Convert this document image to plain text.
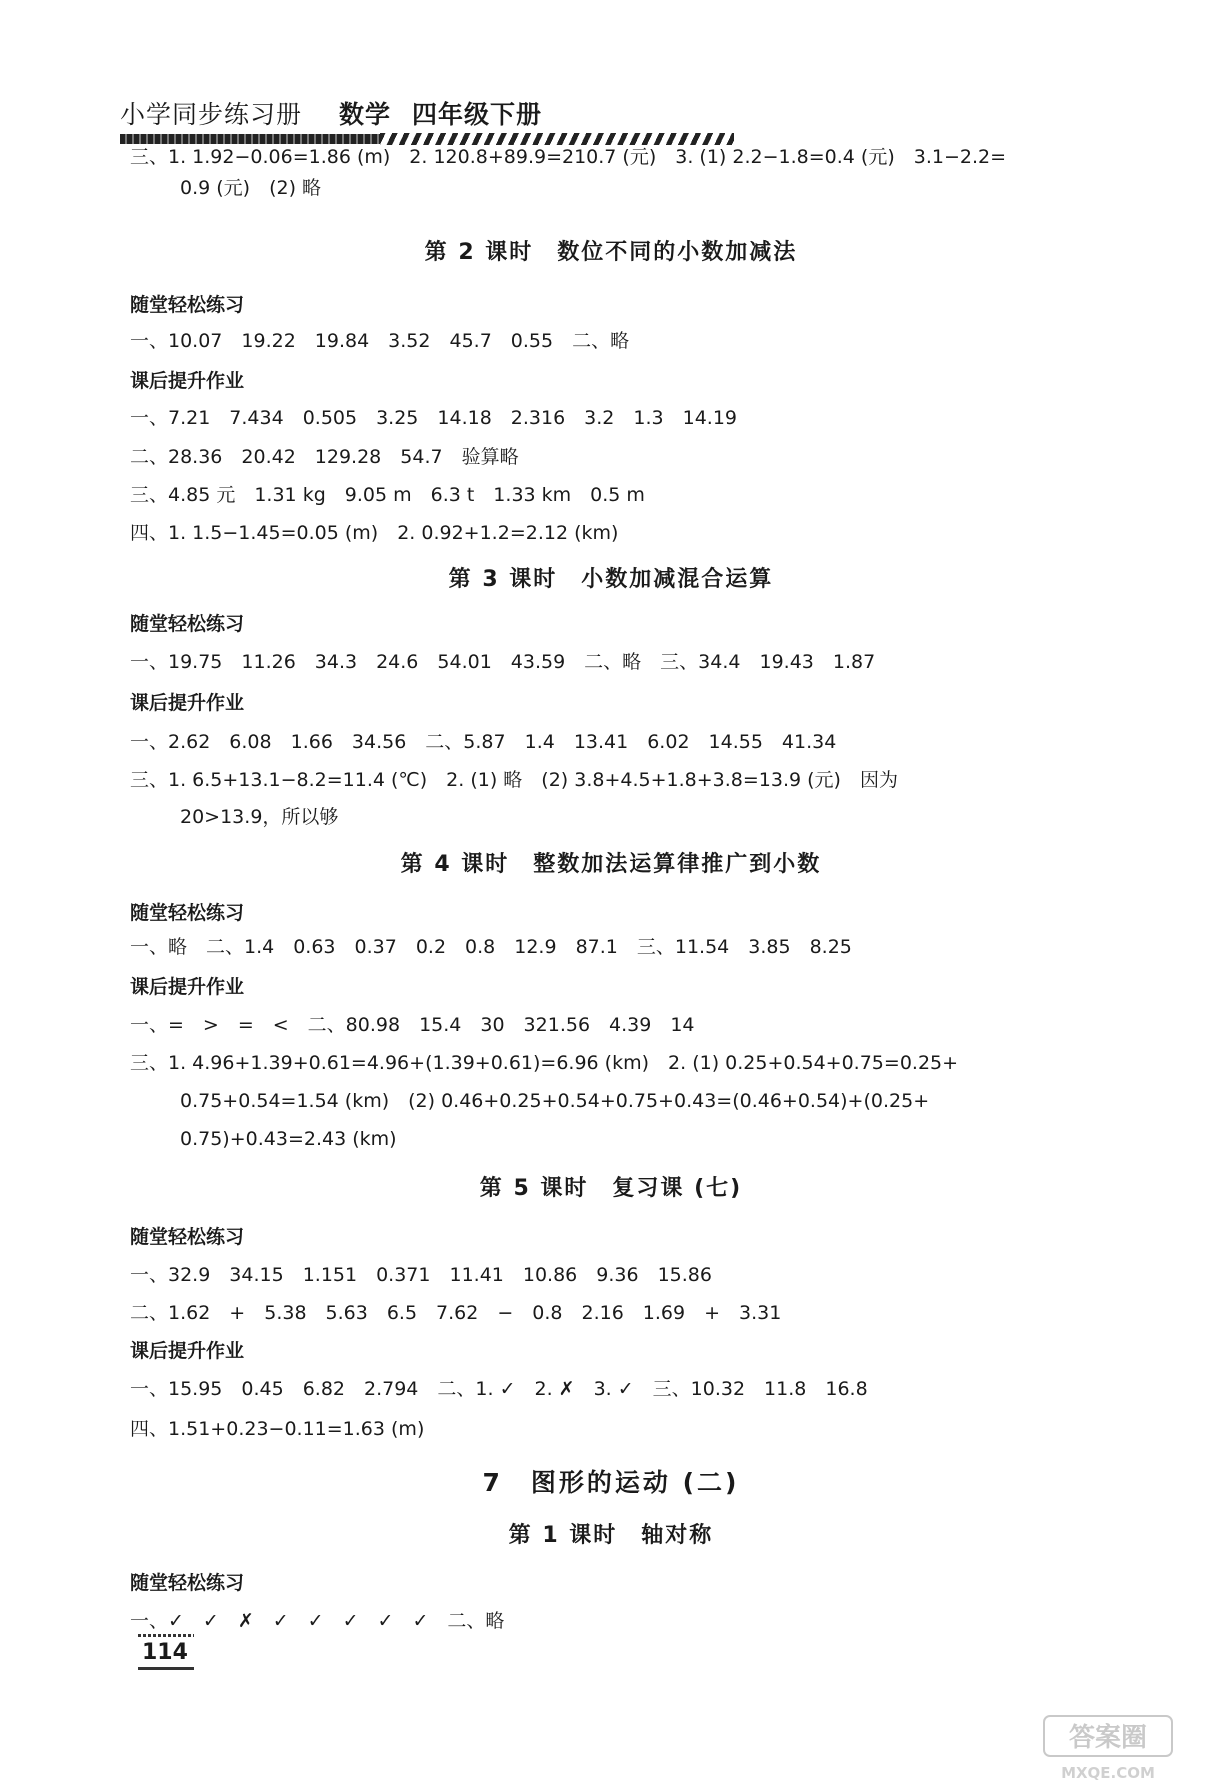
小学同步练习册 数学 四年级下册
三、1. 1.92−0.06=1.86 (m)　2. 120.8+89.9=210.7 (元)　3. (1) 2.2−1.8=0.4 (元)　3.1−2.2=
0.9 (元)　(2) 略
第 2 课时　数位不同的小数加减法
随堂轻松练习
一、10.07　19.22　19.84　3.52　45.7　0.55　二、略
课后提升作业
一、7.21　7.434　0.505　3.25　14.18　2.316　3.2　1.3　14.19
二、28.36　20.42　129.28　54.7　验算略
三、4.85 元　1.31 kg　9.05 m　6.3 t　1.33 km　0.5 m
四、1. 1.5−1.45=0.05 (m)　2. 0.92+1.2=2.12 (km)
第 3 课时　小数加减混合运算
随堂轻松练习
一、19.75　11.26　34.3　24.6　54.01　43.59　二、略　三、34.4　19.43　1.87
课后提升作业
一、2.62　6.08　1.66　34.56　二、5.87　1.4　13.41　6.02　14.55　41.34
三、1. 6.5+13.1−8.2=11.4 (℃)　2. (1) 略　(2) 3.8+4.5+1.8+3.8=13.9 (元)　因为
20>13.9，所以够
第 4 课时　整数加法运算律推广到小数
随堂轻松练习
一、略　二、1.4　0.63　0.37　0.2　0.8　12.9　87.1　三、11.54　3.85　8.25
课后提升作业
一、=　>　=　<　二、80.98　15.4　30　321.56　4.39　14
三、1. 4.96+1.39+0.61=4.96+(1.39+0.61)=6.96 (km)　2. (1) 0.25+0.54+0.75=0.25+
0.75+0.54=1.54 (km)　(2) 0.46+0.25+0.54+0.75+0.43=(0.46+0.54)+(0.25+
0.75)+0.43=2.43 (km)
第 5 课时　复习课 (七)
随堂轻松练习
一、32.9　34.15　1.151　0.371　11.41　10.86　9.36　15.86
二、1.62　+　5.38　5.63　6.5　7.62　−　0.8　2.16　1.69　+　3.31
课后提升作业
一、15.95　0.45　6.82　2.794　二、1. ✓　2. ✗　3. ✓　三、10.32　11.8　16.8
四、1.51+0.23−0.11=1.63 (m)
7　图形的运动 (二)
第 1 课时　轴对称
随堂轻松练习
一、✓　✓　✗　✓　✓　✓　✓　✓　二、略
114
答案圈
MXQE.COM
